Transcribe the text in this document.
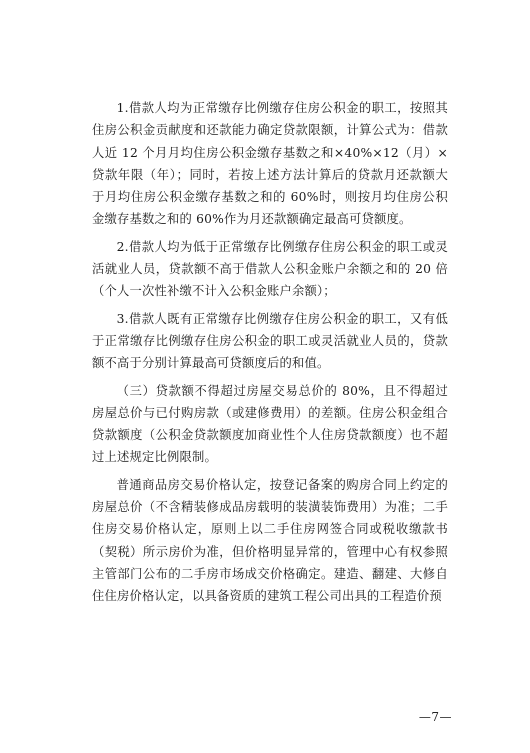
1.借款人均为正常缴存比例缴存住房公积金的职工，按照其住房公积金贡献度和还款能力确定贷款限额，计算公式为：借款人近 12 个月月均住房公积金缴存基数之和×40%×12（月）×贷款年限（年）；同时，若按上述方法计算后的贷款月还款额大于月均住房公积金缴存基数之和的 60%时，则按月均住房公积金缴存基数之和的 60%作为月还款额确定最高可贷额度。

2.借款人均为低于正常缴存比例缴存住房公积金的职工或灵活就业人员，贷款额不高于借款人公积金账户余额之和的 20 倍（个人一次性补缴不计入公积金账户余额）；

3.借款人既有正常缴存比例缴存住房公积金的职工，又有低于正常缴存比例缴存住房公积金的职工或灵活就业人员的，贷款额不高于分别计算最高可贷额度后的和值。

（三）贷款额不得超过房屋交易总价的 80%，且不得超过房屋总价与已付购房款（或建修费用）的差额。住房公积金组合贷款额度（公积金贷款额度加商业性个人住房贷款额度）也不超过上述规定比例限制。

普通商品房交易价格认定，按登记备案的购房合同上约定的房屋总价（不含精装修成品房载明的装潢装饰费用）为准；二手住房交易价格认定，原则上以二手住房网签合同或税收缴款书（契税）所示房价为准，但价格明显异常的，管理中心有权参照主管部门公布的二手房市场成交价格确定。建造、翻建、大修自住住房价格认定，以具备资质的建筑工程公司出具的工程造价预

—7—
